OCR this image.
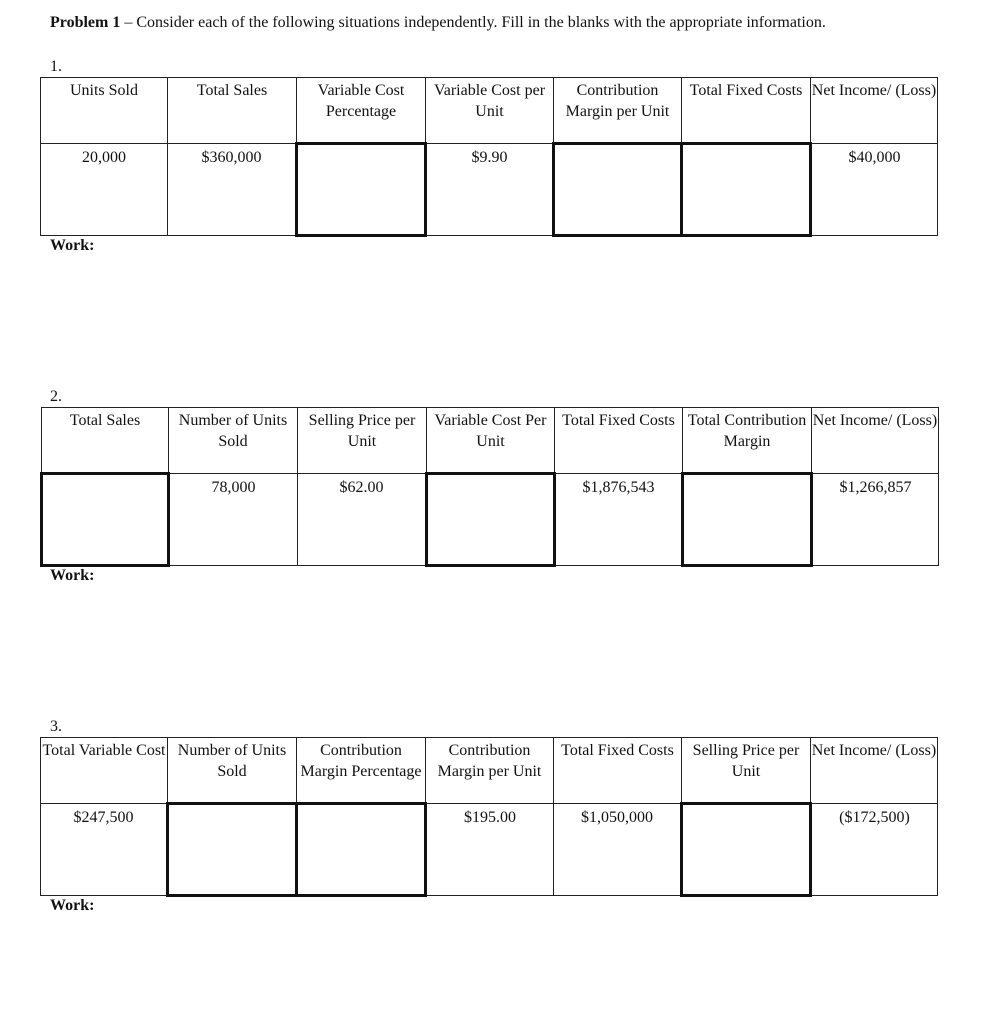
Problem 1 – Consider each of the following situations independently. Fill in the blanks with the appropriate information.
1.
Units Sold	Total Sales	Variable Cost Percentage	Variable Cost per Unit	Contribution Margin per Unit	Total Fixed Costs	Net Income/ (Loss)
20,000	$360,000		$9.90			$40,000
Work:
2.
Total Sales	Number of Units Sold	Selling Price per Unit	Variable Cost Per Unit	Total Fixed Costs	Total Contribution Margin	Net Income/ (Loss)
	78,000	$62.00		$1,876,543		$1,266,857
Work:
3.
Total Variable Cost	Number of Units Sold	Contribution Margin Percentage	Contribution Margin per Unit	Total Fixed Costs	Selling Price per Unit	Net Income/ (Loss)
$247,500			$195.00	$1,050,000		($172,500)
Work:
